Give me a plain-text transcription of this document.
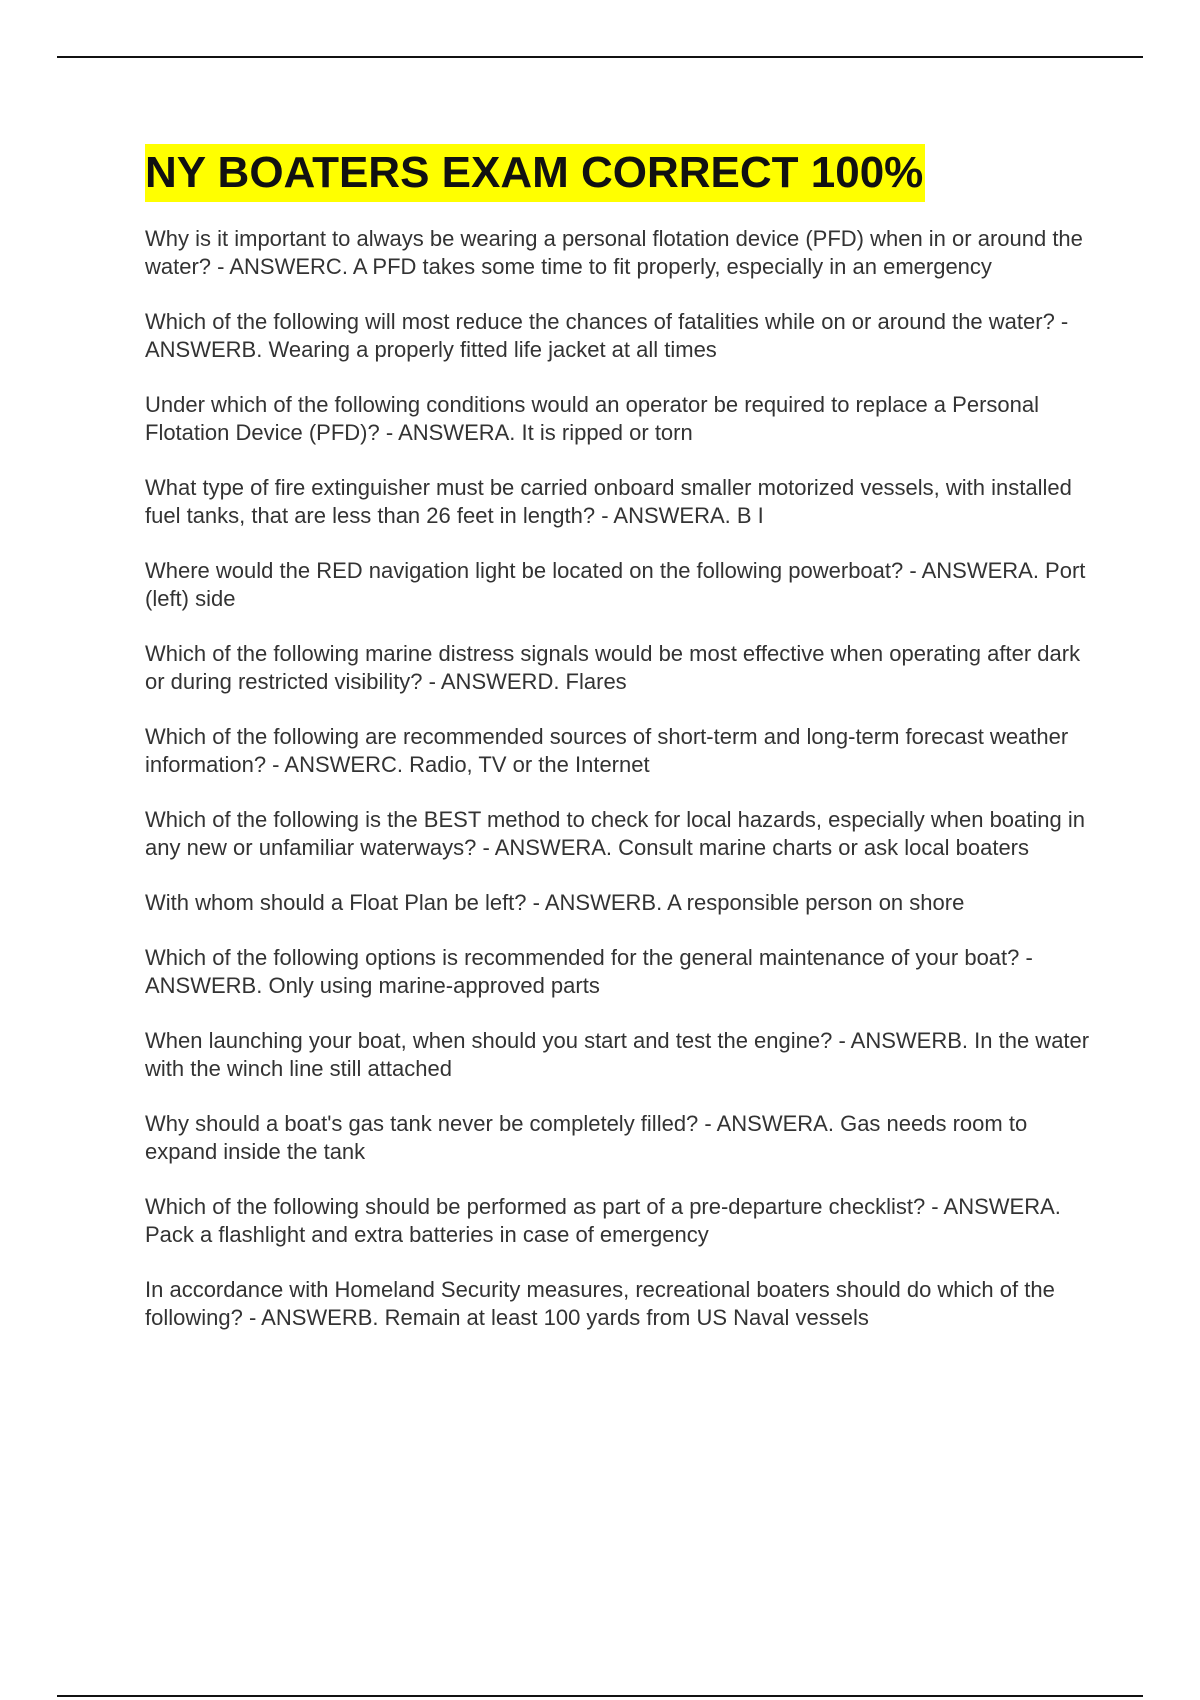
NY BOATERS EXAM CORRECT 100%

Why is it important to always be wearing a personal flotation device (PFD) when in or around the water? - ANSWERC. A PFD takes some time to fit properly, especially in an emergency

Which of the following will most reduce the chances of fatalities while on or around the water? - ANSWERB. Wearing a properly fitted life jacket at all times

Under which of the following conditions would an operator be required to replace a Personal Flotation Device (PFD)? - ANSWERA. It is ripped or torn

What type of fire extinguisher must be carried onboard smaller motorized vessels, with installed fuel tanks, that are less than 26 feet in length? - ANSWERA. B I

Where would the RED navigation light be located on the following powerboat? - ANSWERA. Port (left) side

Which of the following marine distress signals would be most effective when operating after dark or during restricted visibility? - ANSWERD. Flares

Which of the following are recommended sources of short-term and long-term forecast weather information? - ANSWERC. Radio, TV or the Internet

Which of the following is the BEST method to check for local hazards, especially when boating in any new or unfamiliar waterways? - ANSWERA. Consult marine charts or ask local boaters

With whom should a Float Plan be left? - ANSWERB. A responsible person on shore

Which of the following options is recommended for the general maintenance of your boat? - ANSWERB. Only using marine-approved parts

When launching your boat, when should you start and test the engine? - ANSWERB. In the water with the winch line still attached

Why should a boat's gas tank never be completely filled? - ANSWERA. Gas needs room to expand inside the tank

Which of the following should be performed as part of a pre-departure checklist? - ANSWERA. Pack a flashlight and extra batteries in case of emergency

In accordance with Homeland Security measures, recreational boaters should do which of the following? - ANSWERB. Remain at least 100 yards from US Naval vessels
